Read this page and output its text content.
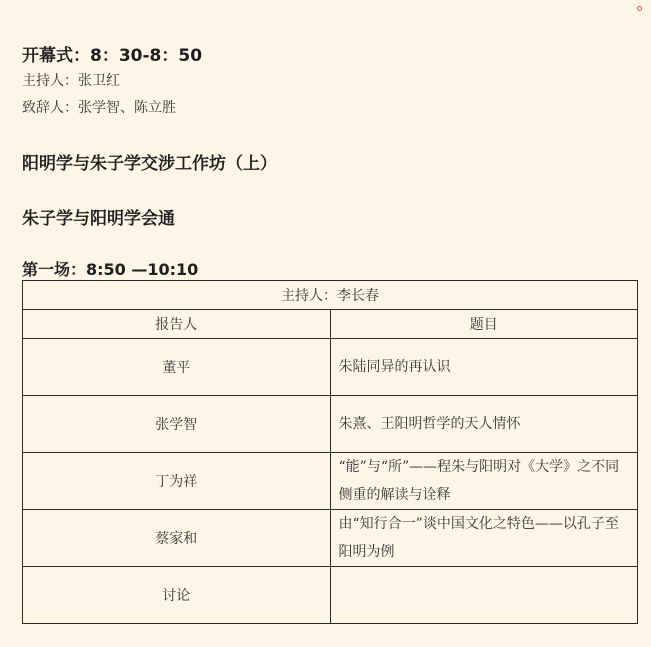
开幕式：8：30-8：50
主持人：张卫红
致辞人：张学智、陈立胜
阳明学与朱子学交涉工作坊（上）
朱子学与阳明学会通
第一场：8:50 —10:10
主持人：李长春	
报告人	题目
董平	朱陆同异的再认识
张学智	朱熹、王阳明哲学的天人情怀
丁为祥	“能”与“所”——程朱与阳明对《大学》之不同侧重的解读与诠释
蔡家和	由“知行合一”谈中国文化之特色——以孔子至阳明为例
讨论	
